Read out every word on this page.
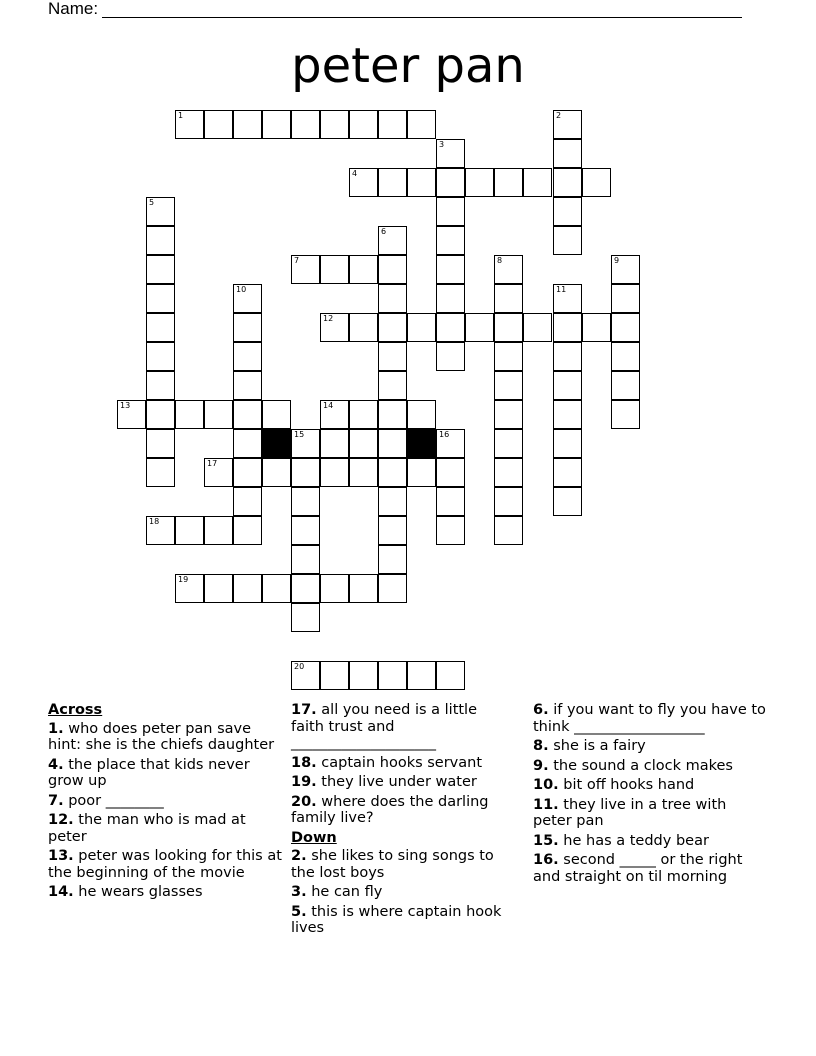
Name:
peter pan
1	2
3
4
5
6
7	8	9
10	11
12
13	14
15	16
17
18
19
20
Across
1. who does peter pan save hint: she is the chiefs daughter
4. the place that kids never grow up
7. poor ________
12. the man who is mad at peter
13. peter was looking for this at the beginning of the movie
14. he wears glasses
17. all you need is a little faith trust and ____________________
18. captain hooks servant
19. they live under water
20. where does the darling family live?
Down
2. she likes to sing songs to the lost boys
3. he can fly
5. this is where captain hook lives
6. if you want to fly you have to think __________________
8. she is a fairy
9. the sound a clock makes
10. bit off hooks hand
11. they live in a tree with peter pan
15. he has a teddy bear
16. second _____ or the right and straight on til morning
